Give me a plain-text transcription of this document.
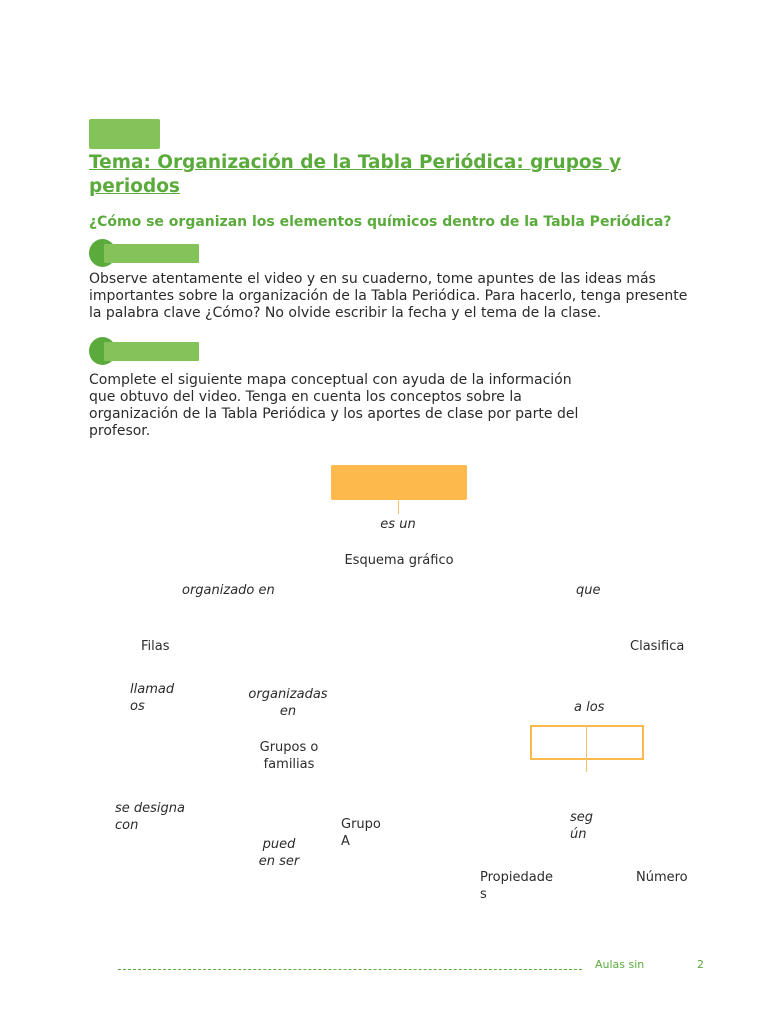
Tema: Organización de la Tabla Periódica: grupos y periodos
¿Cómo se organizan los elementos químicos dentro de la Tabla Periódica?
Observe atentamente el video y en su cuaderno, tome apuntes de las ideas más importantes sobre la organización de la Tabla Periódica. Para hacerlo, tenga presente la palabra clave ¿Cómo? No olvide escribir la fecha y el tema de la clase.
Complete el siguiente mapa conceptual con ayuda de la información que obtuvo del video. Tenga en cuenta los conceptos sobre la organización de la Tabla Periódica y los aportes de clase por parte del profesor.
es un
Esquema gráfico
organizado en	que
Filas	Clasifica
llamad os
organizadas en	a los
Grupos o familias
se designa con	Grupo A
seg ún
pued en ser
Propiedade s
Número
Aulas sin	2
